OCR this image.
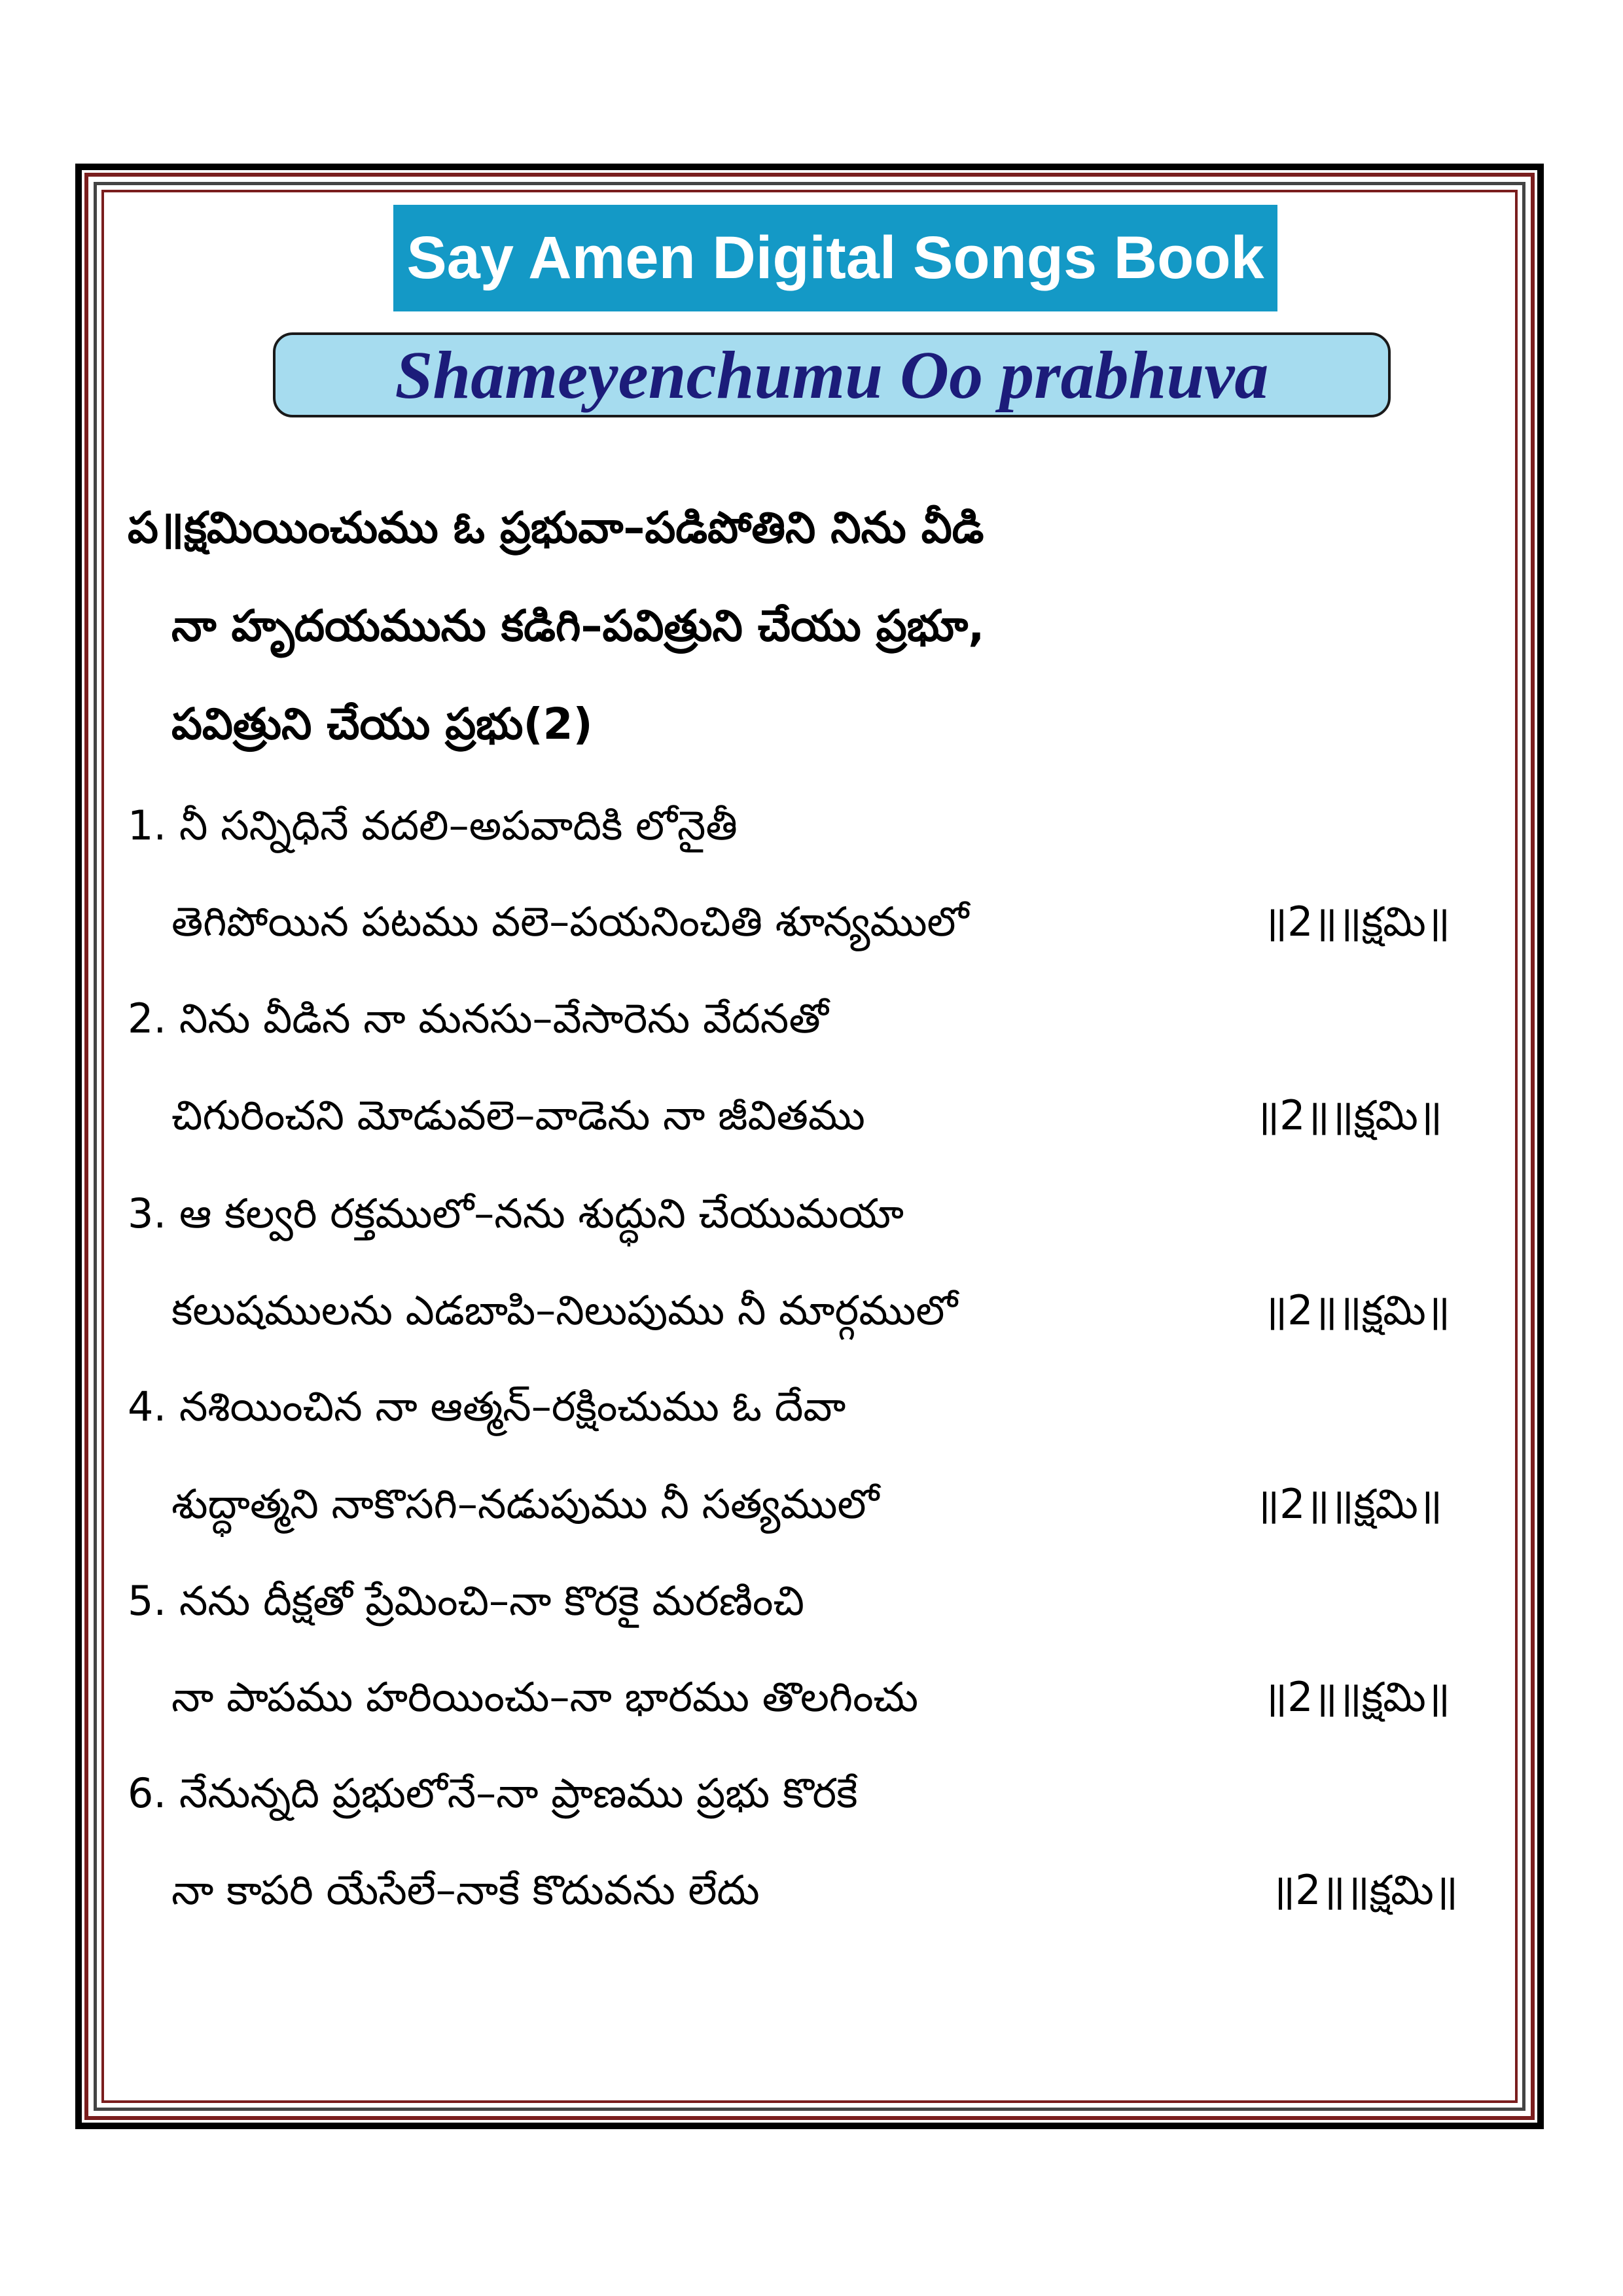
Say Amen Digital Songs Book
Shameyenchumu Oo prabhuva
ప॥క్షమియించుము ఓ ప్రభువా–పడిపోతిని నిను వీడి
నా హృదయమును కడిగి–పవిత్రుని చేయు ప్రభూ,
పవిత్రుని చేయు ప్రభు(2)
1. నీ సన్నిధినే వదలి–అపవాదికి లోనైతీ
తెగిపోయిన పటము వలె–పయనించితి శూన్యములో	॥2॥॥క్షమి॥
2. నిను వీడిన నా మనసు–వేసారెను వేదనతో
చిగురించని మోడువలె–వాడెను నా జీవితము	॥2॥॥క్షమి॥
3. ఆ కల్వరి రక్తములో–నను శుద్ధుని చేయుమయా
కలుషములను ఎడబాపి–నిలుపుము నీ మార్గములో	॥2॥॥క్షమి॥
4. నశియించిన నా ఆత్మన్–రక్షించుము ఓ దేవా
శుద్ధాత్మని నాకొసగి–నడుపుము నీ సత్యములో	॥2॥॥క్షమి॥
5. నను దీక్షతో ప్రేమించి–నా కొరకై మరణించి
నా పాపము హరియించు–నా భారము తొలగించు	॥2॥॥క్షమి॥
6. నేనున్నది ప్రభులోనే–నా ప్రాణము ప్రభు కొరకే
నా కాపరి యేసేలే–నాకే కొదువను లేదు	॥2॥॥క్షమి॥
